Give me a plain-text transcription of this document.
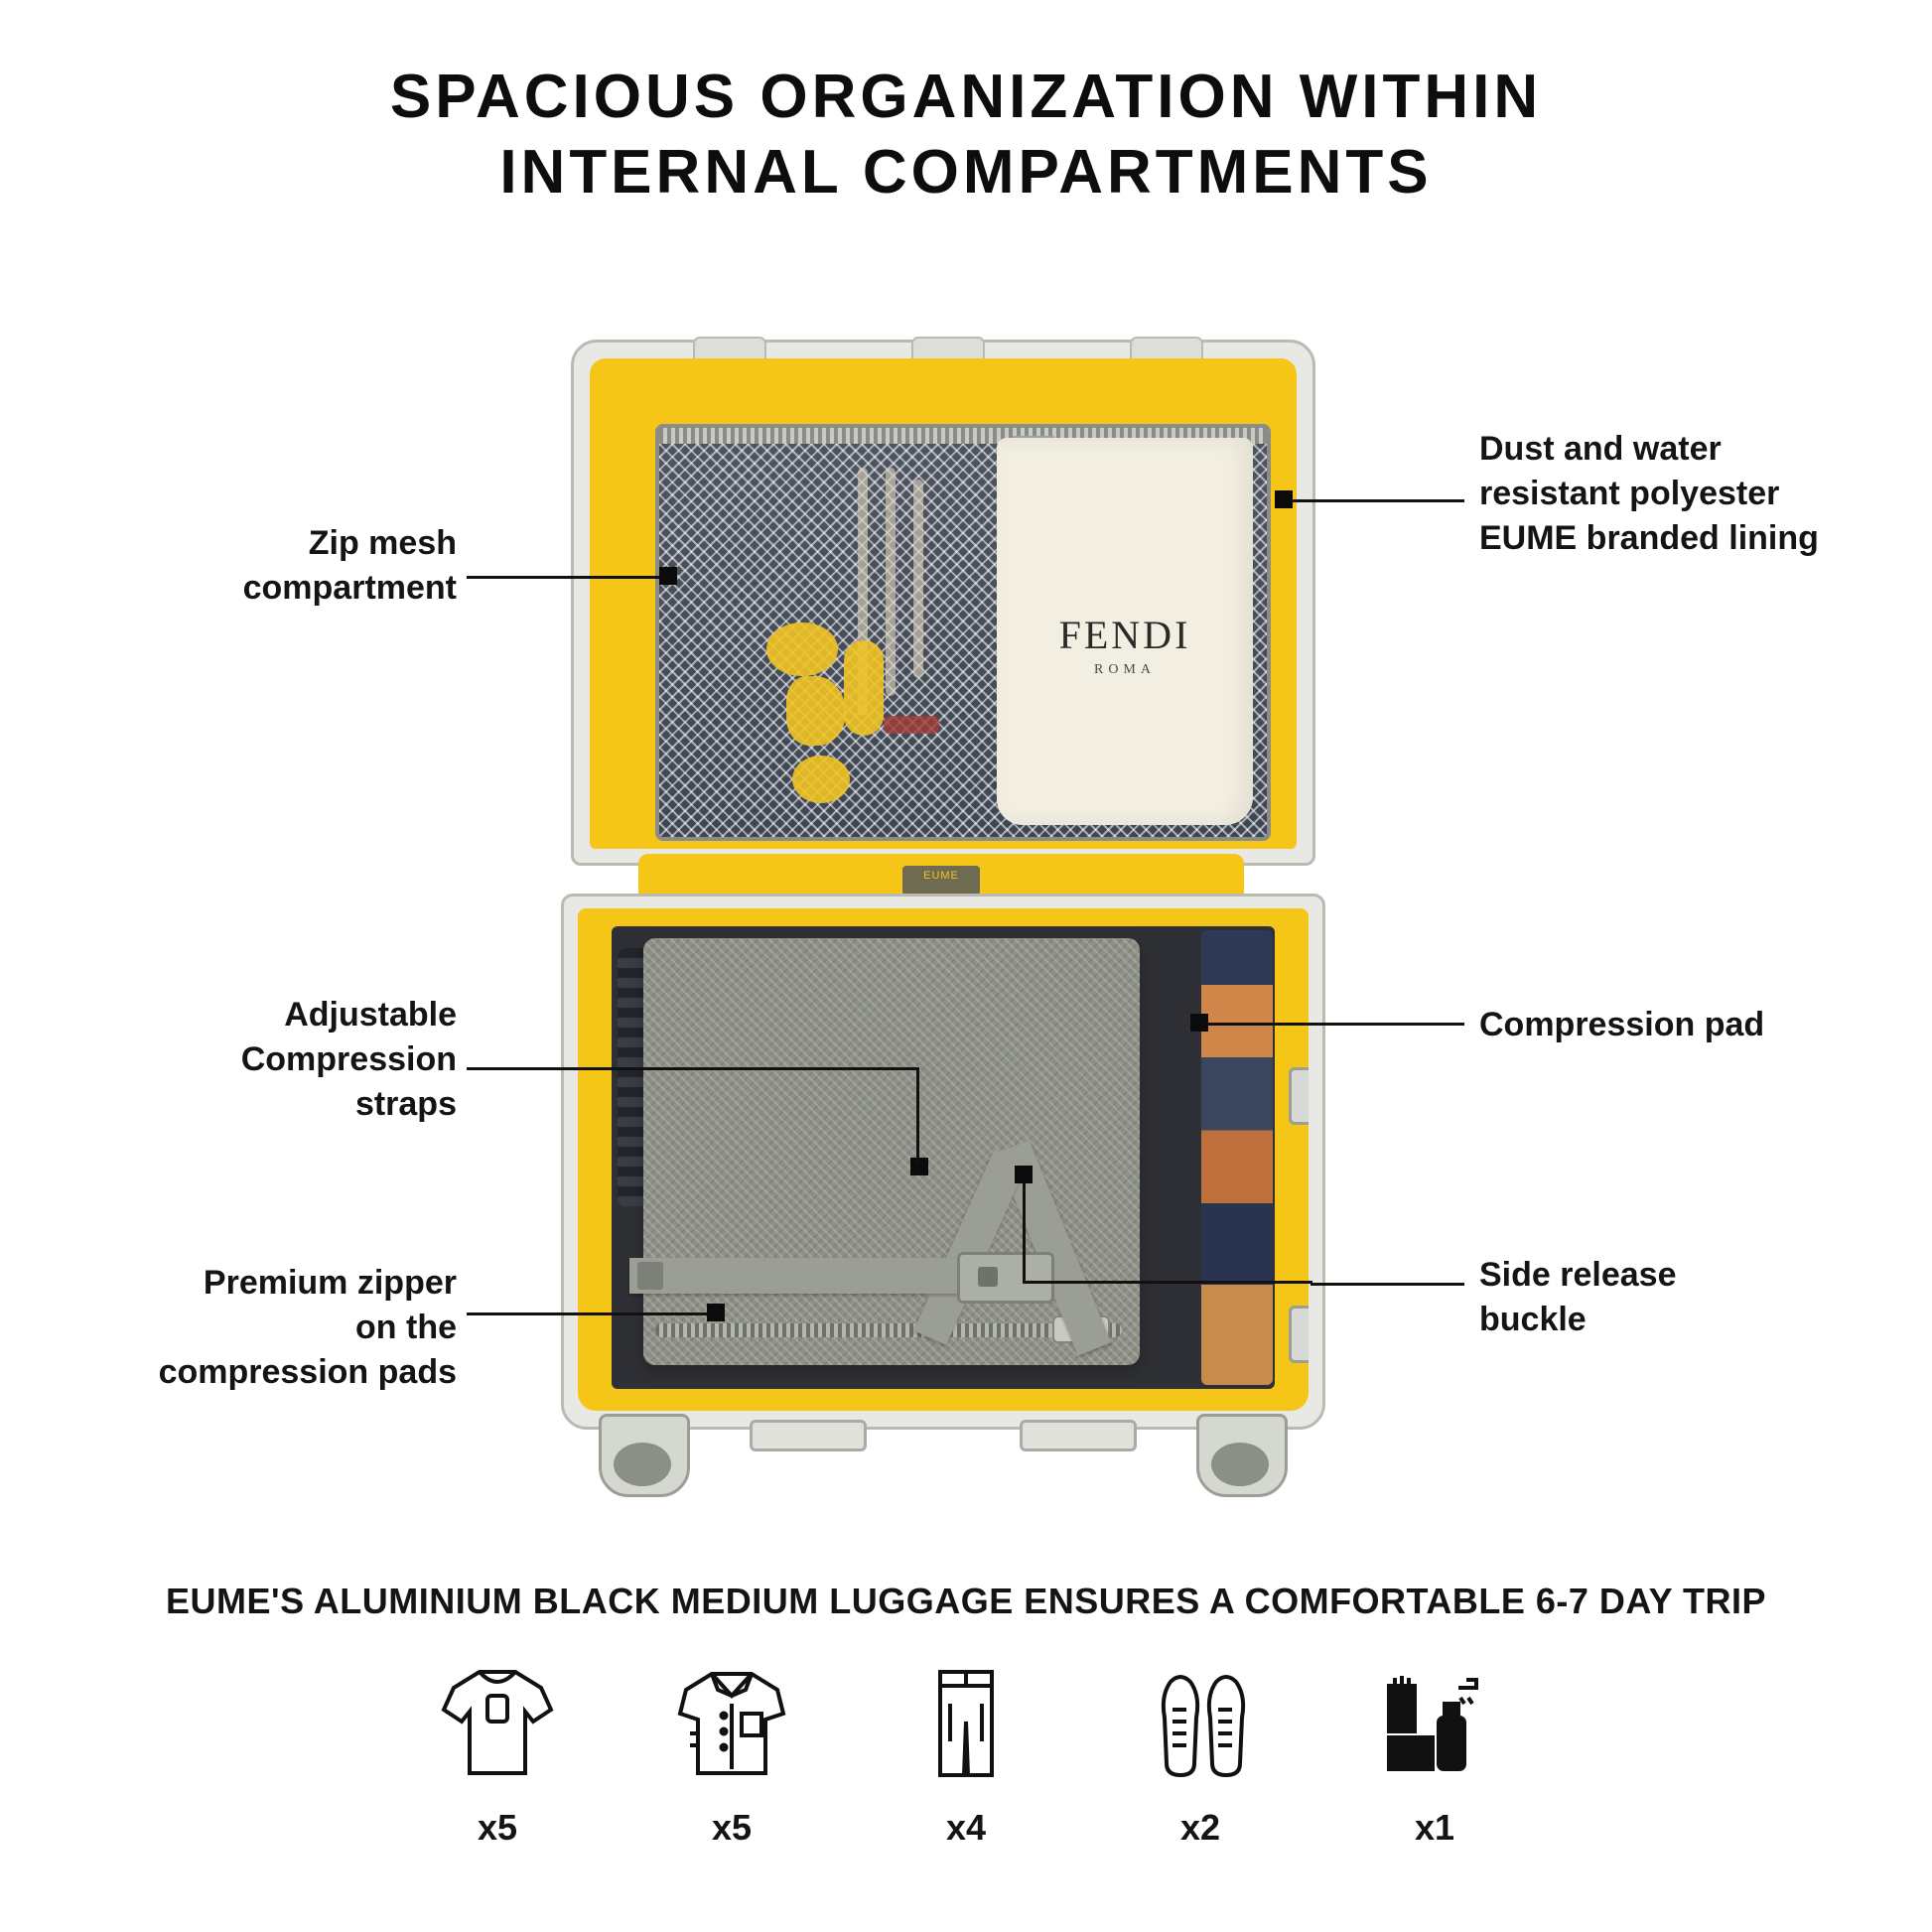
SPACIOUS ORGANIZATION WITHIN
INTERNAL COMPARTMENTS
FENDI
ROMA
EUME
Zip mesh
compartment
Dust and water
resistant polyester
EUME branded lining
Adjustable
Compression
straps
Compression pad
Premium zipper
on the
compression pads
Side release
buckle
EUME'S ALUMINIUM BLACK MEDIUM LUGGAGE ENSURES A COMFORTABLE 6-7 DAY TRIP
x5	x5	x4	x2	x1
